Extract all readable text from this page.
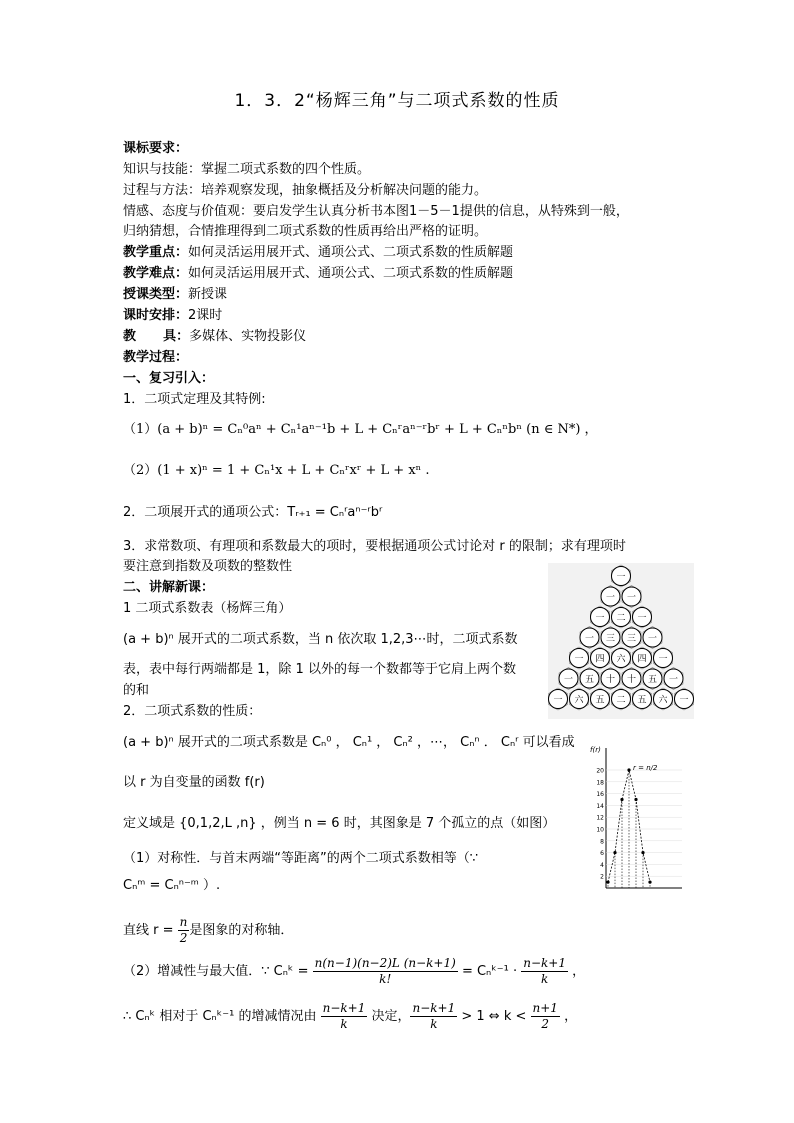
1．3．2“杨辉三角”与二项式系数的性质
课标要求：
知识与技能：掌握二项式系数的四个性质。
过程与方法：培养观察发现，抽象概括及分析解决问题的能力。
情感、态度与价值观：要启发学生认真分析书本图1－5－1提供的信息，从特殊到一般，
归纳猜想，合情推理得到二项式系数的性质再给出严格的证明。
教学重点：如何灵活运用展开式、通项公式、二项式系数的性质解题
教学难点：如何灵活运用展开式、通项公式、二项式系数的性质解题
授课类型：新授课
课时安排：2课时
教      具：多媒体、实物投影仪
教学过程：
一、复习引入：
1．二项式定理及其特例:
（1）(a + b)ⁿ = Cₙ⁰aⁿ + Cₙ¹aⁿ⁻¹b + L + Cₙʳaⁿ⁻ʳbʳ + L + Cₙⁿbⁿ (n ∈ N*) ，
（2）(1 + x)ⁿ = 1 + Cₙ¹x + L + Cₙʳxʳ + L + xⁿ .
2．二项展开式的通项公式：Tᵣ₊₁ = Cₙʳaⁿ⁻ʳbʳ
3．求常数项、有理项和系数最大的项时，要根据通项公式讨论对 r 的限制；求有理项时
要注意到指数及项数的整数性
二、讲解新课：
1 二项式系数表（杨辉三角）
(a + b)ⁿ 展开式的二项式系数，当 n 依次取 1,2,3⋯时，二项式系数
表，表中每行两端都是 1，除 1 以外的每一个数都等于它肩上两个数
的和
2．二项式系数的性质：
(a + b)ⁿ 展开式的二项式系数是 Cₙ⁰ ， Cₙ¹ ， Cₙ² ，⋯， Cₙⁿ ． Cₙʳ 可以看成
以 r 为自变量的函数 f(r)
定义域是 {0,1,2,L ,n} ，例当 n = 6 时，其图象是 7 个孤立的点（如图）
（1）对称性．与首末两端“等距离”的两个二项式系数相等（∵
Cₙᵐ = Cₙⁿ⁻ᵐ ）.
直线 $r = \frac{n}{2}$ 是图象的对称轴．
（2）增减性与最大值．∵ Cₙᵏ = $\frac{n(n-1)(n-2)L (n-k+1)}{k!}$ = Cₙᵏ⁻¹ · $\frac{n-k+1}{k}$ ，
∴ Cₙᵏ 相对于 Cₙᵏ⁻¹ 的增减情况由 $\frac{n-k+1}{k}$ 决定， $\frac{n-k+1}{k} > 1$ ⇔ $k < \frac{n+1}{2}$ ，
一
一 一
一 二 一
一 三 三 一
一 四 六 四 一
一 五 十 十 五 一
一 六 五 二 五 六 一
f(r)
20
18
16
14
12
10
8
6
4
2
r = n/2
